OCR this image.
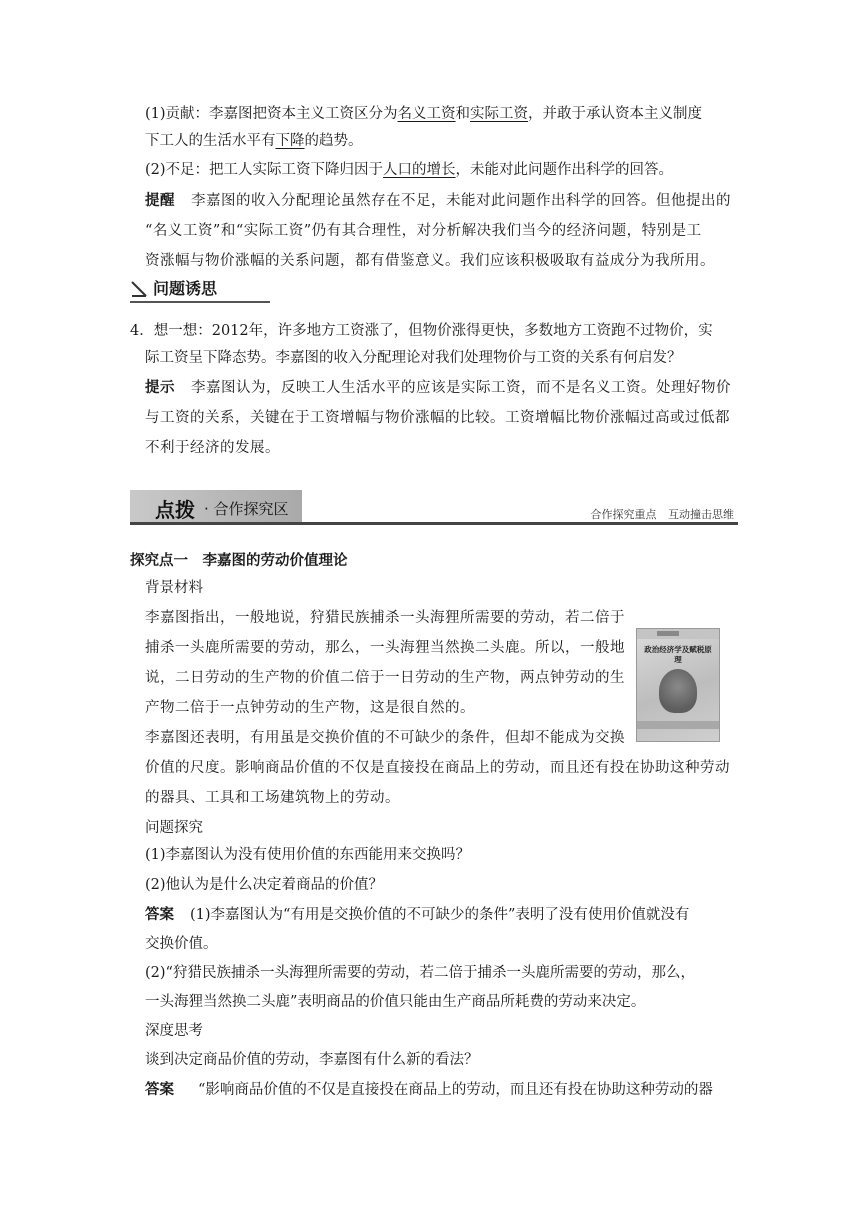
(1)贡献：李嘉图把资本主义工资区分为名义工资和实际工资，并敢于承认资本主义制度
下工人的生活水平有下降的趋势。
(2)不足：把工人实际工资下降归因于人口的增长，未能对此问题作出科学的回答。
提醒 李嘉图的收入分配理论虽然存在不足，未能对此问题作出科学的回答。但他提出的
“名义工资”和“实际工资”仍有其合理性，对分析解决我们当今的经济问题，特别是工
资涨幅与物价涨幅的关系问题，都有借鉴意义。我们应该积极吸取有益成分为我所用。
问题诱思
4．想一想：2012年，许多地方工资涨了，但物价涨得更快，多数地方工资跑不过物价，实
际工资呈下降态势。李嘉图的收入分配理论对我们处理物价与工资的关系有何启发？
提示 李嘉图认为，反映工人生活水平的应该是实际工资，而不是名义工资。处理好物价
与工资的关系，关键在于工资增幅与物价涨幅的比较。工资增幅比物价涨幅过高或过低都
不利于经济的发展。
点拨 · 合作探究区	合作探究重点 互动撞击思维
探究点一　李嘉图的劳动价值理论
背景材料
李嘉图指出，一般地说，狩猎民族捕杀一头海狸所需要的劳动，若二倍于
捕杀一头鹿所需要的劳动，那么，一头海狸当然换二头鹿。所以，一般地
说，二日劳动的生产物的价值二倍于一日劳动的生产物，两点钟劳动的生
产物二倍于一点钟劳动的生产物，这是很自然的。
李嘉图还表明，有用虽是交换价值的不可缺少的条件，但却不能成为交换
价值的尺度。影响商品价值的不仅是直接投在商品上的劳动，而且还有投在协助这种劳动
的器具、工具和工场建筑物上的劳动。
政治经济学及赋税原理
问题探究
(1)李嘉图认为没有使用价值的东西能用来交换吗？
(2)他认为是什么决定着商品的价值？
答案 (1)李嘉图认为“有用是交换价值的不可缺少的条件”表明了没有使用价值就没有
交换价值。
(2)“狩猎民族捕杀一头海狸所需要的劳动，若二倍于捕杀一头鹿所需要的劳动，那么，
一头海狸当然换二头鹿”表明商品的价值只能由生产商品所耗费的劳动来决定。
深度思考
谈到决定商品价值的劳动，李嘉图有什么新的看法？
答案 “影响商品价值的不仅是直接投在商品上的劳动，而且还有投在协助这种劳动的器
